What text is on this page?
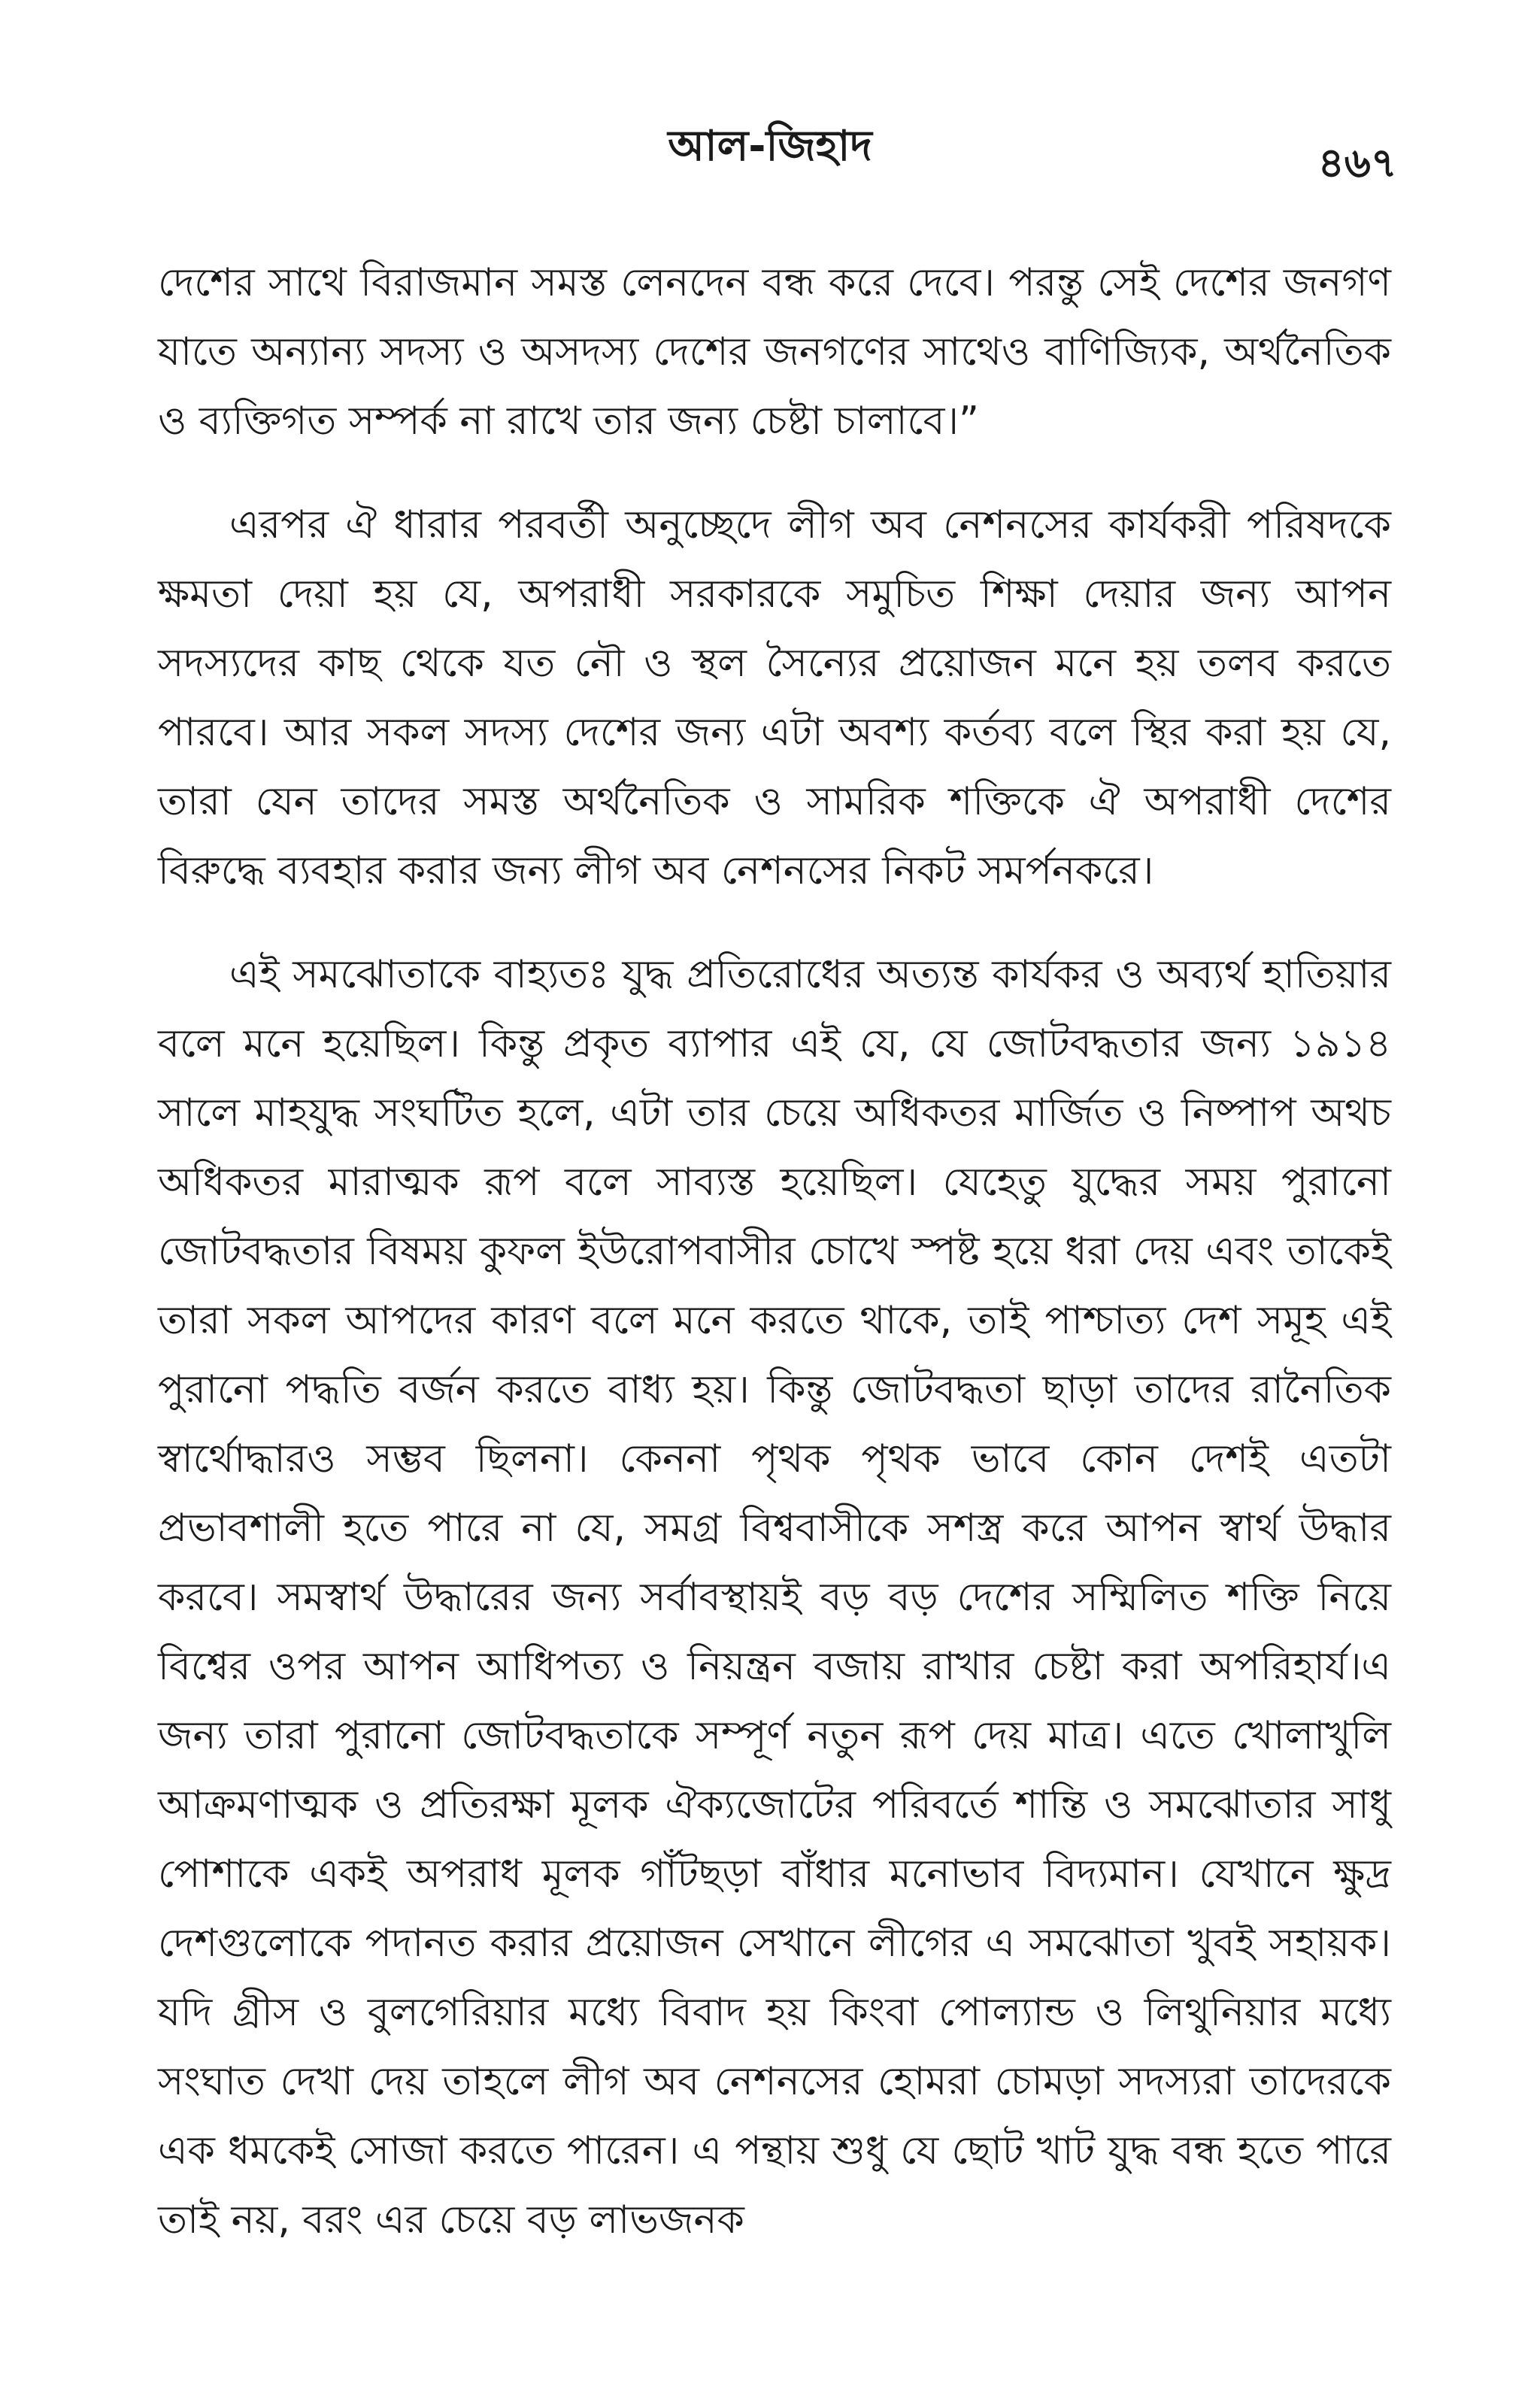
আল-জিহাদ	৪৬৭

দেশের সাথে বিরাজমান সমস্ত লেনদেন বন্ধ করে দেবে। পরন্তু সেই দেশের জনগণ যাতে অন্যান্য সদস্য ও অসদস্য দেশের জনগণের সাথেও বাণিজ্যিক, অর্থনৈতিক ও ব্যক্তিগত সম্পর্ক না রাখে তার জন্য চেষ্টা চালাবে।”

এরপর ঐ ধারার পরবর্তী অনুচ্ছেদে লীগ অব নেশনসের কার্যকরী পরিষদকে ক্ষমতা দেয়া হয় যে, অপরাধী সরকারকে সমুচিত শিক্ষা দেয়ার জন্য আপন সদস্যদের কাছ থেকে যত নৌ ও স্থল সৈন্যের প্রয়োজন মনে হয় তলব করতে পারবে। আর সকল সদস্য দেশের জন্য এটা অবশ্য কর্তব্য বলে স্থির করা হয় যে, তারা যেন তাদের সমস্ত অর্থনৈতিক ও সামরিক শক্তিকে ঐ অপরাধী দেশের বিরুদ্ধে ব্যবহার করার জন্য লীগ অব নেশনসের নিকট সমর্পনকরে।

এই সমঝোতাকে বাহ্যতঃ যুদ্ধ প্রতিরোধের অত্যন্ত কার্যকর ও অব্যর্থ হাতিয়ার বলে মনে হয়েছিল। কিন্তু প্রকৃত ব্যাপার এই যে, যে জোটবদ্ধতার জন্য ১৯১৪ সালে মাহযুদ্ধ সংঘটিত হলে, এটা তার চেয়ে অধিকতর মার্জিত ও নিষ্পাপ অথচ অধিকতর মারাত্মক রূপ বলে সাব্যস্ত হয়েছিল। যেহেতু যুদ্ধের সময় পুরানো জোটবদ্ধতার বিষময় কুফল ইউরোপবাসীর চোখে স্পষ্ট হয়ে ধরা দেয় এবং তাকেই তারা সকল আপদের কারণ বলে মনে করতে থাকে, তাই পাশ্চাত্য দেশ সমূহ এই পুরানো পদ্ধতি বর্জন করতে বাধ্য হয়। কিন্তু জোটবদ্ধতা ছাড়া তাদের রানৈতিক স্বার্থোদ্ধারও সম্ভব ছিলনা। কেননা পৃথক পৃথক ভাবে কোন দেশই এতটা প্রভাবশালী হতে পারে না যে, সমগ্র বিশ্ববাসীকে সশস্ত্র করে আপন স্বার্থ উদ্ধার করবে। সমস্বার্থ উদ্ধারের জন্য সর্বাবস্থায়ই বড় বড় দেশের সম্মিলিত শক্তি নিয়ে বিশ্বের ওপর আপন আধিপত্য ও নিয়ন্ত্রন বজায় রাখার চেষ্টা করা অপরিহার্য।এ জন্য তারা পুরানো জোটবদ্ধতাকে সম্পূর্ণ নতুন রূপ দেয় মাত্র। এতে খোলাখুলি আক্রমণাত্মক ও প্রতিরক্ষা মূলক ঐক্যজোটের পরিবর্তে শান্তি ও সমঝোতার সাধু পোশাকে একই অপরাধ মূলক গাঁটছড়া বাঁধার মনোভাব বিদ্যমান। যেখানে ক্ষুদ্র দেশগুলোকে পদানত করার প্রয়োজন সেখানে লীগের এ সমঝোতা খুবই সহায়ক। যদি গ্রীস ও বুলগেরিয়ার মধ্যে বিবাদ হয় কিংবা পোল্যান্ড ও লিথুনিয়ার মধ্যে সংঘাত দেখা দেয় তাহলে লীগ অব নেশনসের হোমরা চোমড়া সদস্যরা তাদেরকে এক ধমকেই সোজা করতে পারেন। এ পন্থায় শুধু যে ছোট খাট যুদ্ধ বন্ধ হতে পারে তাই নয়, বরং এর চেয়ে বড় লাভজনক
